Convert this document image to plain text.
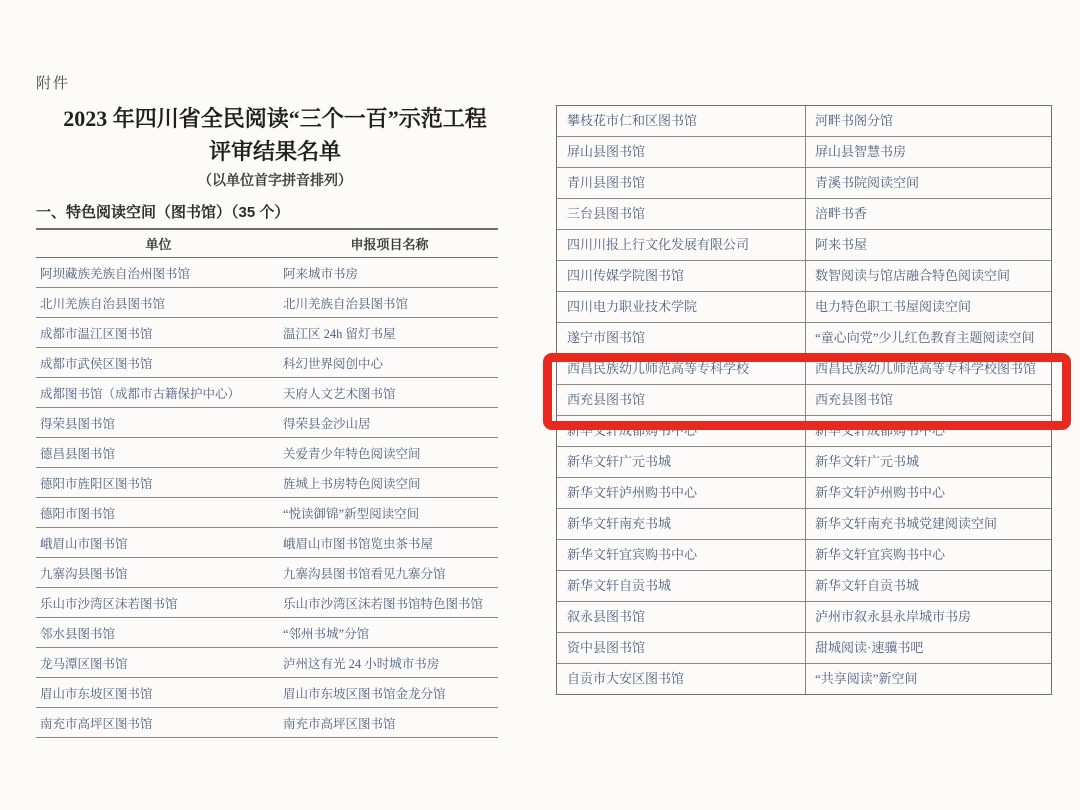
附件
2023 年四川省全民阅读“三个一百”示范工程
评审结果名单
（以单位首字拼音排列）
一、特色阅读空间（图书馆）（35 个）
单位	申报项目名称
阿坝藏族羌族自治州图书馆	阿来城市书房
北川羌族自治县图书馆	北川羌族自治县图书馆
成都市温江区图书馆	温江区 24h 留灯书屋
成都市武侯区图书馆	科幻世界阅创中心
成都图书馆（成都市古籍保护中心）	天府人文艺术图书馆
得荣县图书馆	得荣县金沙山居
德昌县图书馆	关爱青少年特色阅读空间
德阳市旌阳区图书馆	旌城上书房特色阅读空间
德阳市图书馆	“悦读御锦”新型阅读空间
峨眉山市图书馆	峨眉山市图书馆览虫茶书屋
九寨沟县图书馆	九寨沟县图书馆看见九寨分馆
乐山市沙湾区沫若图书馆	乐山市沙湾区沫若图书馆特色图书馆
邻水县图书馆	“邻州书城”分馆
龙马潭区图书馆	泸州这有光 24 小时城市书房
眉山市东坡区图书馆	眉山市东坡区图书馆金龙分馆
南充市高坪区图书馆	南充市高坪区图书馆
攀枝花市仁和区图书馆	河畔书阁分馆
屏山县图书馆	屏山县智慧书房
青川县图书馆	青溪书院阅读空间
三台县图书馆	涪畔书香
四川川报上行文化发展有限公司	阿来书屋
四川传媒学院图书馆	数智阅读与馆店融合特色阅读空间
四川电力职业技术学院	电力特色职工书屋阅读空间
遂宁市图书馆	“童心向党”少儿红色教育主题阅读空间
西昌民族幼儿师范高等专科学校	西昌民族幼儿师范高等专科学校图书馆
西充县图书馆	西充县图书馆
新华文轩成都购书中心	新华文轩成都购书中心
新华文轩广元书城	新华文轩广元书城
新华文轩泸州购书中心	新华文轩泸州购书中心
新华文轩南充书城	新华文轩南充书城党建阅读空间
新华文轩宜宾购书中心	新华文轩宜宾购书中心
新华文轩自贡书城	新华文轩自贡书城
叙永县图书馆	泸州市叙永县永岸城市书房
资中县图书馆	甜城阅读·速骥书吧
自贡市大安区图书馆	“共享阅读”新空间
